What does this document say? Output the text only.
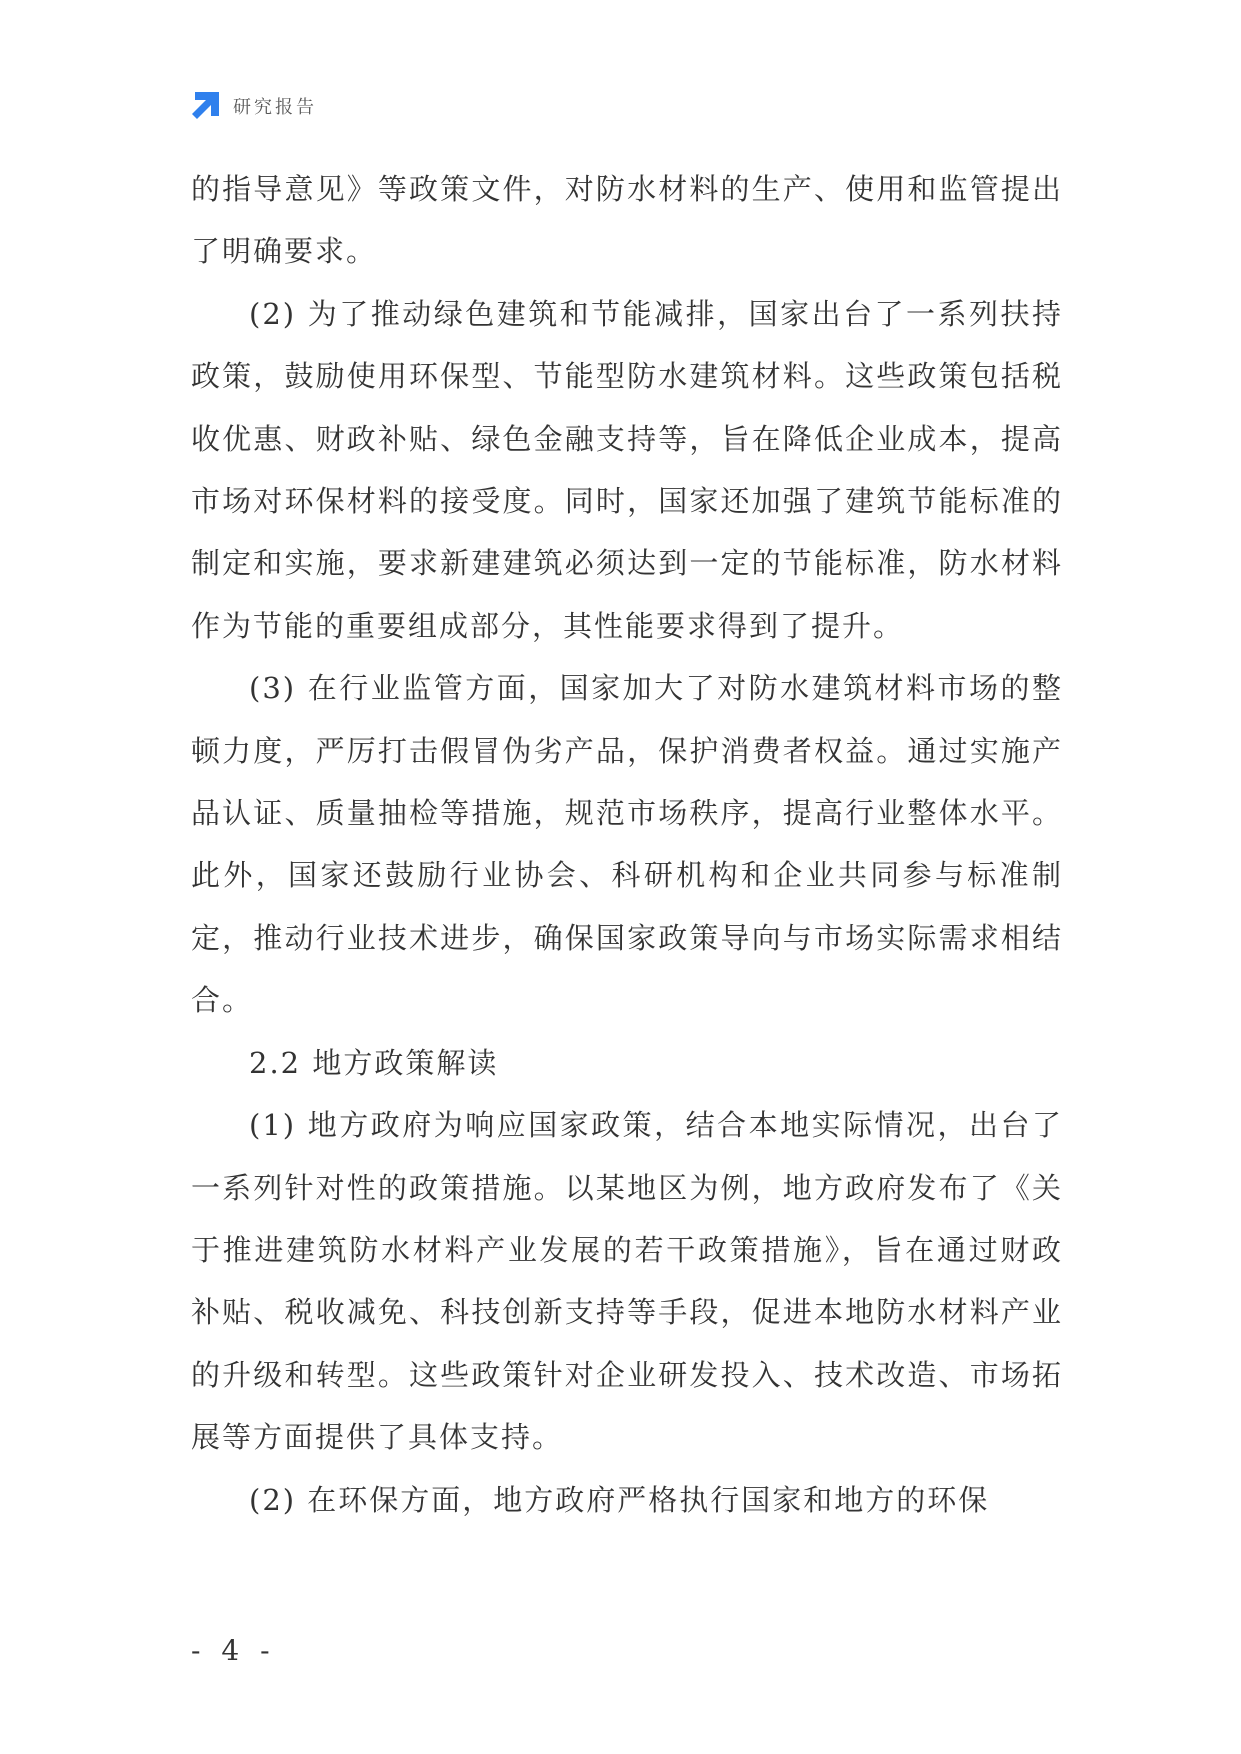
研究报告

的指导意见》等政策文件，对防水材料的生产、使用和监管提出了明确要求。

(2) 为了推动绿色建筑和节能减排，国家出台了一系列扶持政策，鼓励使用环保型、节能型防水建筑材料。这些政策包括税收优惠、财政补贴、绿色金融支持等，旨在降低企业成本，提高市场对环保材料的接受度。同时，国家还加强了建筑节能标准的制定和实施，要求新建建筑必须达到一定的节能标准，防水材料作为节能的重要组成部分，其性能要求得到了提升。

(3) 在行业监管方面，国家加大了对防水建筑材料市场的整顿力度，严厉打击假冒伪劣产品，保护消费者权益。通过实施产品认证、质量抽检等措施，规范市场秩序，提高行业整体水平。此外，国家还鼓励行业协会、科研机构和企业共同参与标准制定，推动行业技术进步，确保国家政策导向与市场实际需求相结合。

2.2 地方政策解读

(1) 地方政府为响应国家政策，结合本地实际情况，出台了一系列针对性的政策措施。以某地区为例，地方政府发布了《关于推进建筑防水材料产业发展的若干政策措施》，旨在通过财政补贴、税收减免、科技创新支持等手段，促进本地防水材料产业的升级和转型。这些政策针对企业研发投入、技术改造、市场拓展等方面提供了具体支持。

(2) 在环保方面，地方政府严格执行国家和地方的环保

- 4 -
